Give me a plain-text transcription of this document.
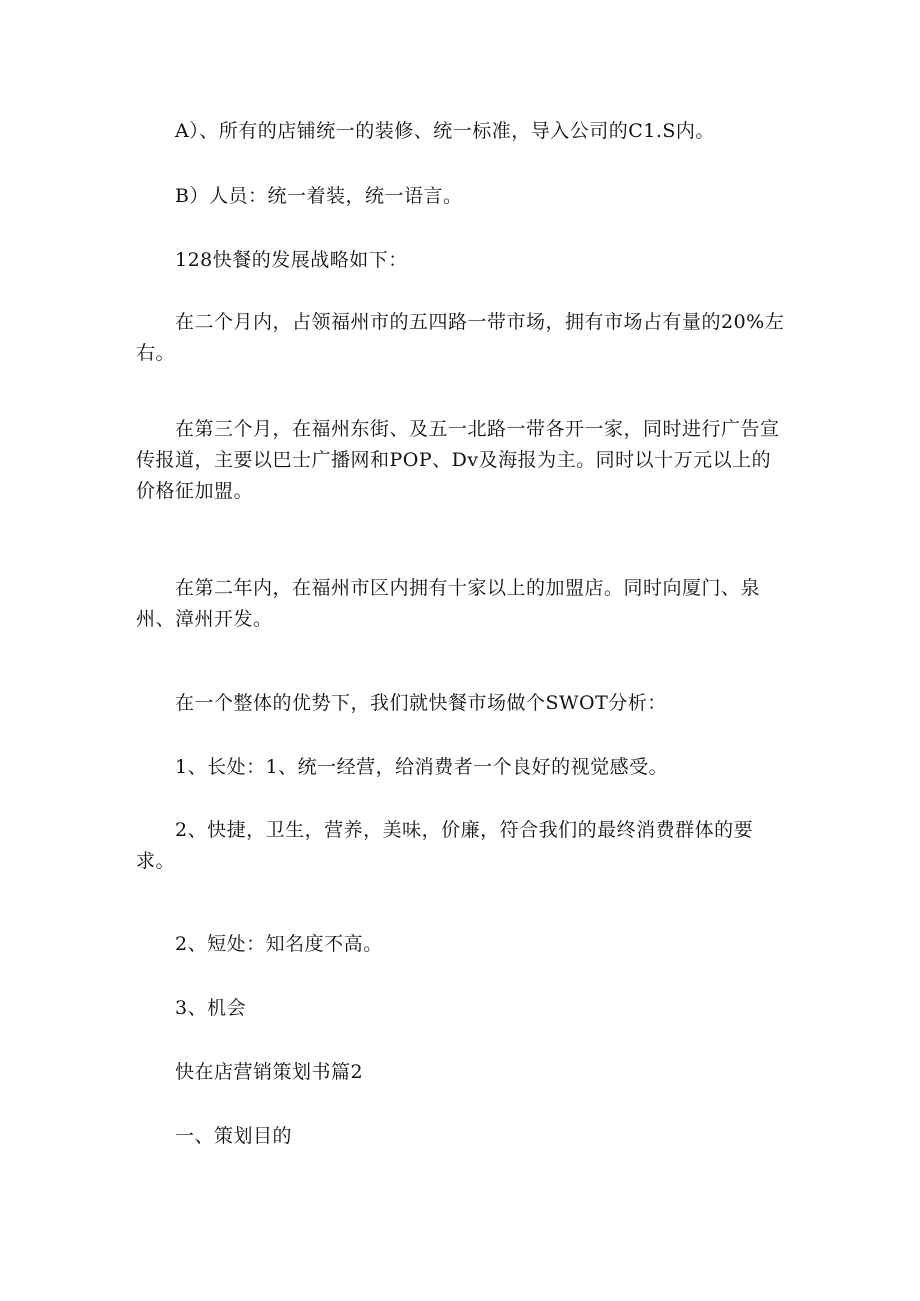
A）、所有的店铺统一的装修、统一标准，导入公司的C1.S内。

B）人员：统一着装，统一语言。

128快餐的发展战略如下：

在二个月内，占领福州市的五四路一带市场，拥有市场占有量的20%左右。

在第三个月，在福州东街、及五一北路一带各开一家，同时进行广告宣传报道，主要以巴士广播网和POP、Dv及海报为主。同时以十万元以上的价格征加盟。

在第二年内，在福州市区内拥有十家以上的加盟店。同时向厦门、泉州、漳州开发。

在一个整体的优势下，我们就快餐市场做个SWOT分析：

1、长处：1、统一经营，给消费者一个良好的视觉感受。

2、快捷，卫生，营养，美味，价廉，符合我们的最终消费群体的要求。

2、短处：知名度不高。

3、机会

快在店营销策划书篇2

一、策划目的
